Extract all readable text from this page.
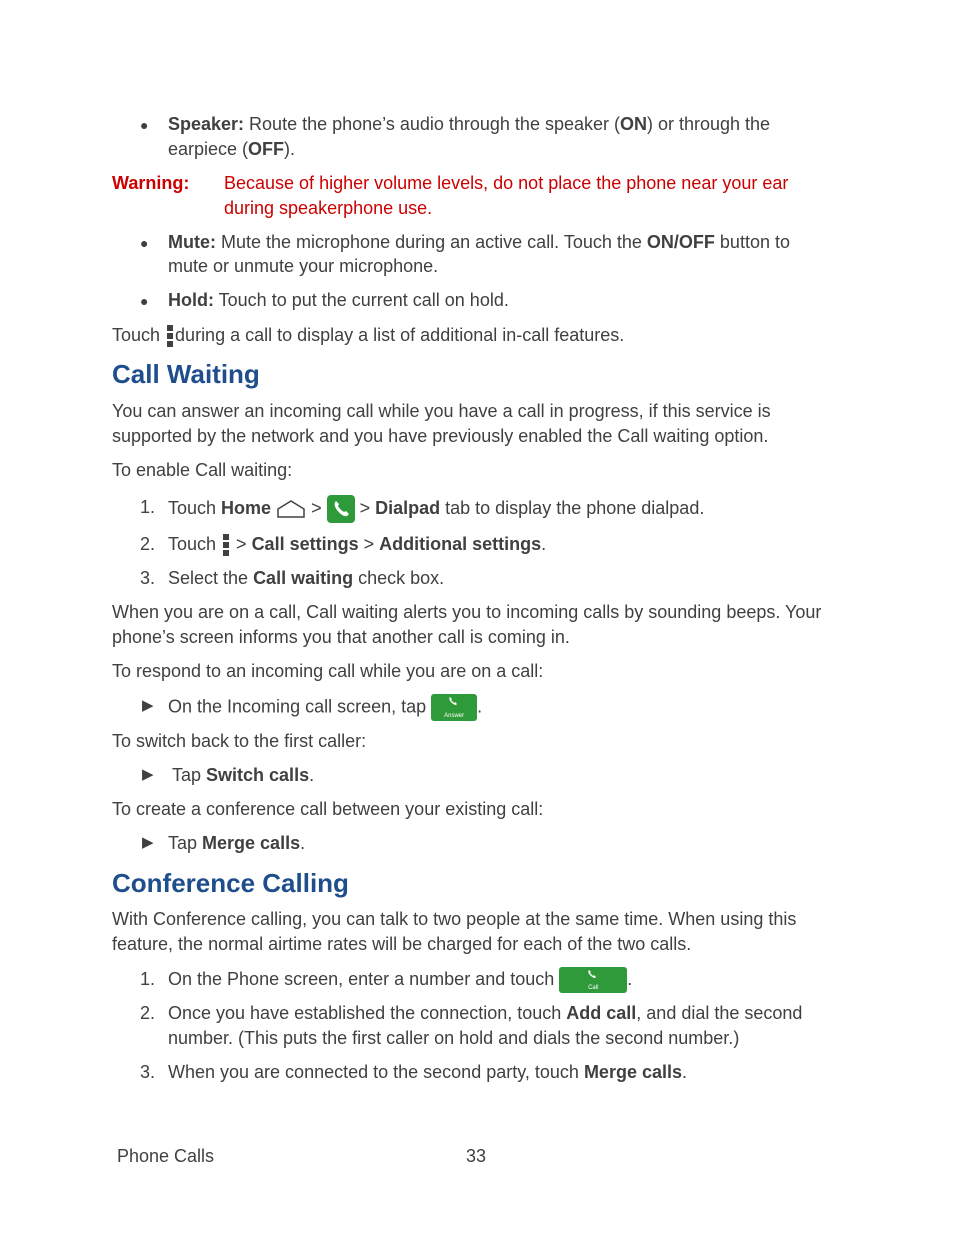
● Speaker: Route the phone’s audio through the speaker (ON) or through the
earpiece (OFF).
Warning: Because of higher volume levels, do not place the phone near your ear
during speakerphone use.
● Mute: Mute the microphone during an active call. Touch the ON/OFF button to
mute or unmute your microphone.
● Hold: Touch to put the current call on hold.
Touch
during a call to display a list of additional in-call features.
Call Waiting
You can answer an incoming call while you have a call in progress, if this service is
supported by the network and you have previously enabled the Call waiting option.
To enable Call waiting:
1. Touch Home  >  > Dialpad tab to display the phone dialpad.
2. Touch
> Call settings > Additional settings.
3. Select the Call waiting check box.
When you are on a call, Call waiting alerts you to incoming calls by sounding beeps. Your
phone’s screen informs you that another call is coming in.
To respond to an incoming call while you are on a call:
▶ On the Incoming call screen, tap	Answer .
To switch back to the first caller:
▶ Tap Switch calls.
To create a conference call between your existing call:
▶ Tap Merge calls.
Conference Calling
With Conference calling, you can talk to two people at the same time. When using this
feature, the normal airtime rates will be charged for each of the two calls.
1. On the Phone screen, enter a number and touch	Call	.
2. Once you have established the connection, touch Add call, and dial the second
number. (This puts the first caller on hold and dials the second number.)
3. When you are connected to the second party, touch Merge calls.
Phone Calls	33
